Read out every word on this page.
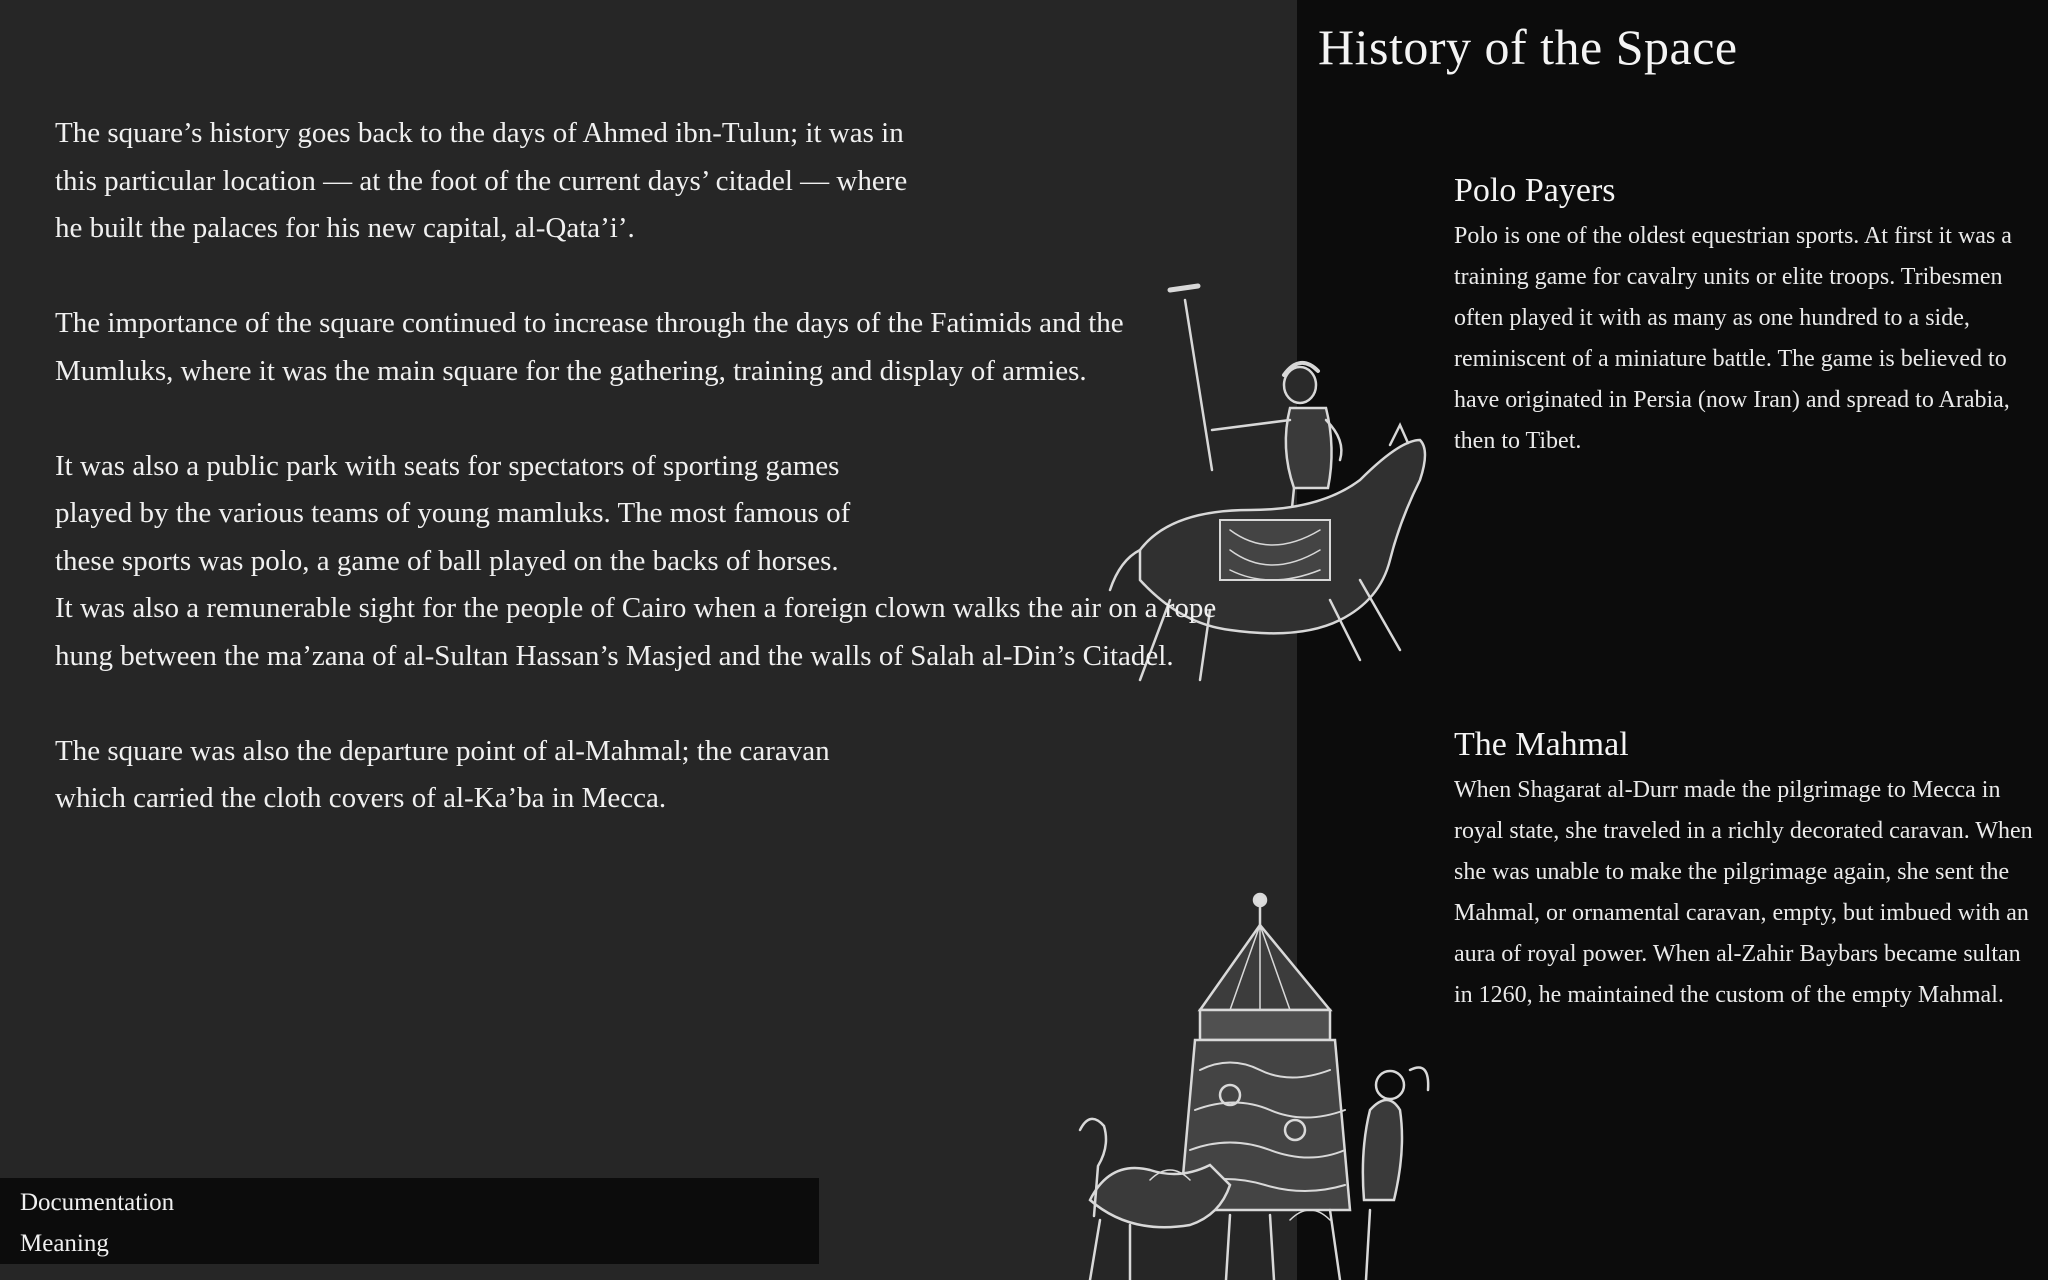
History of the Space

The square’s history goes back to the days of Ahmed ibn-Tulun; it was in this particular location — at the foot of the current days’ citadel — where he built the palaces for his new capital, al-Qata’i’.

The importance of the square continued to increase through the days of the Fatimids and the Mumluks, where it was the main square for the gathering, training and display of armies.

It was also a public park with seats for spectators of sporting games played by the various teams of young mamluks. The most famous of these sports was polo, a game of ball played on the backs of horses.

It was also a remunerable sight for the people of Cairo when a foreign clown walks the air on a rope hung between the ma’zana of al-Sultan Hassan’s Masjed and the walls of Salah al-Din’s Citadel.

The square was also the departure point of al-Mahmal; the caravan which carried the cloth covers of al-Ka’ba in Mecca.

Polo Payers

Polo is one of the oldest equestrian sports. At first it was a training game for cavalry units or elite troops. Tribesmen often played it with as many as one hundred to a side, reminiscent of a miniature battle. The game is believed to have originated in Persia (now Iran) and spread to Arabia, then to Tibet.

The Mahmal

When Shagarat al-Durr made the pilgrimage to Mecca in royal state, she traveled in a richly decorated caravan. When she was unable to make the pilgrimage again, she sent the Mahmal, or ornamental caravan, empty, but imbued with an aura of royal power. When al-Zahir Baybars became sultan in 1260, he maintained the custom of the empty Mahmal.

Documentation
Meaning
